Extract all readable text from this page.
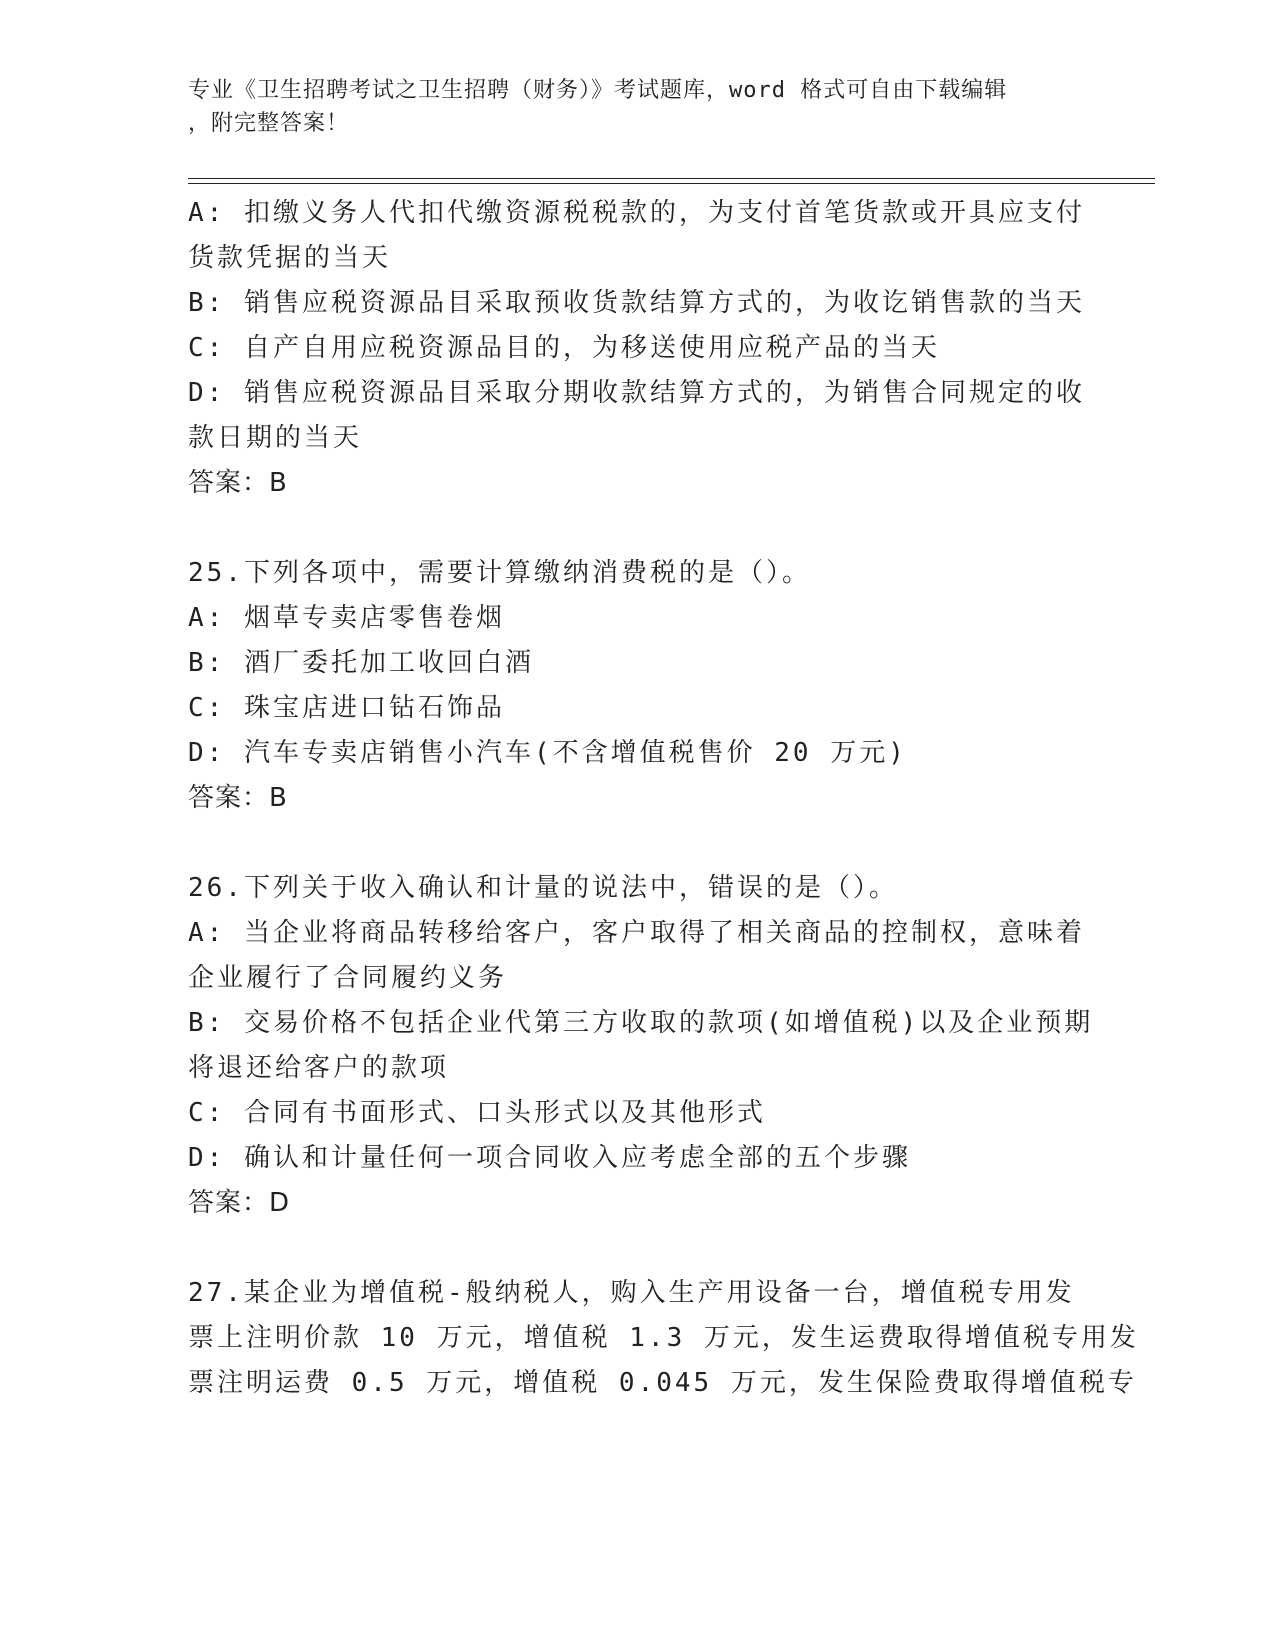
专业《卫生招聘考试之卫生招聘（财务）》考试题库，word 格式可自由下载编辑
，附完整答案！
A: 扣缴义务人代扣代缴资源税税款的，为支付首笔货款或开具应支付
货款凭据的当天
B: 销售应税资源品目采取预收货款结算方式的，为收讫销售款的当天
C: 自产自用应税资源品目的，为移送使用应税产品的当天
D: 销售应税资源品目采取分期收款结算方式的，为销售合同规定的收
款日期的当天
答案：B
25.下列各项中，需要计算缴纳消费税的是（）。
A: 烟草专卖店零售卷烟
B: 酒厂委托加工收回白酒
C: 珠宝店进口钻石饰品
D: 汽车专卖店销售小汽车(不含增值税售价 20 万元)
答案：B
26.下列关于收入确认和计量的说法中，错误的是（）。
A: 当企业将商品转移给客户，客户取得了相关商品的控制权，意味着
企业履行了合同履约义务
B: 交易价格不包括企业代第三方收取的款项(如增值税)以及企业预期
将退还给客户的款项
C: 合同有书面形式、口头形式以及其他形式
D: 确认和计量任何一项合同收入应考虑全部的五个步骤
答案：D
27.某企业为增值税-般纳税人，购入生产用设备一台，增值税专用发
票上注明价款 10 万元，增值税 1.3 万元，发生运费取得增值税专用发
票注明运费 0.5 万元，增值税 0.045 万元，发生保险费取得增值税专
